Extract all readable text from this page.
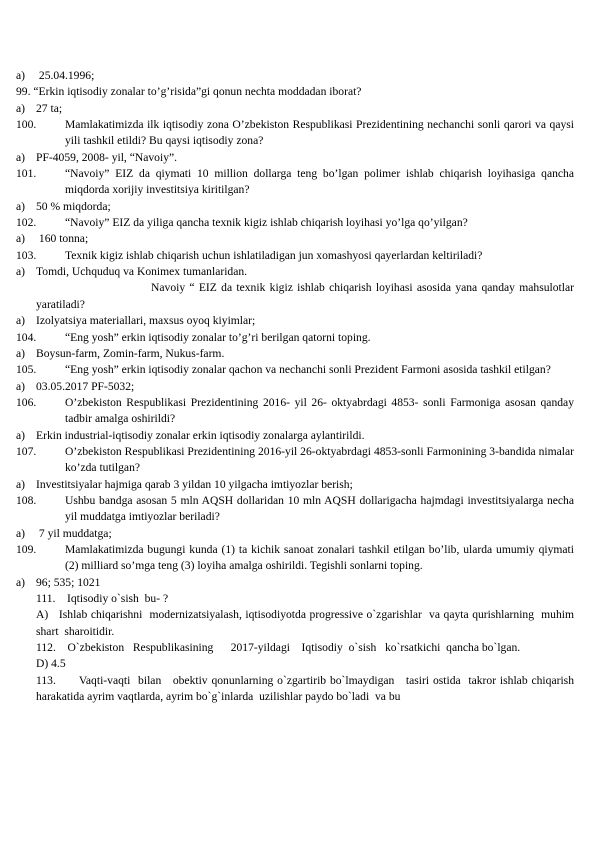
a) 25.04.1996;
99. “Erkin iqtisodiy zonalar to’g’risida”gi qonun nechta moddadan iborat?
a) 27 ta;
100.	Mamlakatimizda ilk iqtisodiy zona O’zbekiston Respublikasi Prezidentining nechanchi sonli qarori va qaysi yili tashkil etildi? Bu qaysi iqtisodiy zona?
a) PF-4059, 2008- yil, “Navoiy”.
101.	“Navoiy” EIZ da qiymati 10 million dollarga teng bo’lgan polimer ishlab chiqarish loyihasiga qancha miqdorda xorijiy investitsiya kiritilgan?
a) 50 % miqdorda;
102. “Navoiy” EIZ da yiliga qancha texnik kigiz ishlab chiqarish loyihasi yo’lga qo’yilgan?
a) 160 tonna;
103.	Texnik kigiz ishlab chiqarish uchun ishlatiladigan jun xomashyosi qayerlardan keltiriladi?
a) Tomdi, Uchquduq va Konimex tumanlaridan.
Navoiy “ EIZ da texnik kigiz ishlab chiqarish loyihasi asosida yana qanday mahsulotlar yaratiladi?
a) Izolyatsiya materiallari, maxsus oyoq kiyimlar;
104. “Eng yosh” erkin iqtisodiy zonalar to’g’ri berilgan qatorni toping.
a) Boysun-farm, Zomin-farm, Nukus-farm.
105.	“Eng yosh” erkin iqtisodiy zonalar qachon va nechanchi sonli Prezident Farmoni asosida tashkil etilgan?
a) 03.05.2017 PF-5032;
106.	O’zbekiston Respublikasi Prezidentining 2016- yil 26- oktyabrdagi 4853- sonli Farmoniga asosan qanday tadbir amalga oshirildi?
a) Erkin industrial-iqtisodiy zonalar erkin iqtisodiy zonalarga aylantirildi.
107.	O’zbekiston Respublikasi Prezidentining 2016-yil 26-oktyabrdagi 4853-sonli Farmonining 3-bandida nimalar ko’zda tutilgan?
a) Investitsiyalar hajmiga qarab 3 yildan 10 yilgacha imtiyozlar berish;
108.	Ushbu bandga asosan 5 mln AQSH dollaridan 10 mln AQSH dollarigacha hajmdagi investitsiyalarga necha yil muddatga imtiyozlar beriladi?
a) 7 yil muddatga;
109.	Mamlakatimizda bugungi kunda (1) ta kichik sanoat zonalari tashkil etilgan bo’lib, ularda umumiy qiymati (2) milliard so’mga teng (3) loyiha amalga oshirildi. Tegishli sonlarni toping.
a) 96; 535; 1021
111.    Iqtisodiy o`sish  bu- ?
A)   Ishlab chiqarishni  modernizatsiyalash, iqtisodiyotda progressive o`zgarishlar  va qayta qurishlarning  muhim  shart  sharoitidir.
112.    O`zbekiston   Respublikasining      2017-yildagi    Iqtisodiy  o`sish   ko`rsatkichi  qancha bo`lgan.
D) 4.5
113.      Vaqti-vaqti  bilan   obektiv qonunlarning o`zgartirib bo`lmaydigan   tasiri ostida  takror ishlab chiqarish  harakatida ayrim vaqtlarda, ayrim bo`g`inlarda  uzilishlar paydo bo`ladi  va bu
